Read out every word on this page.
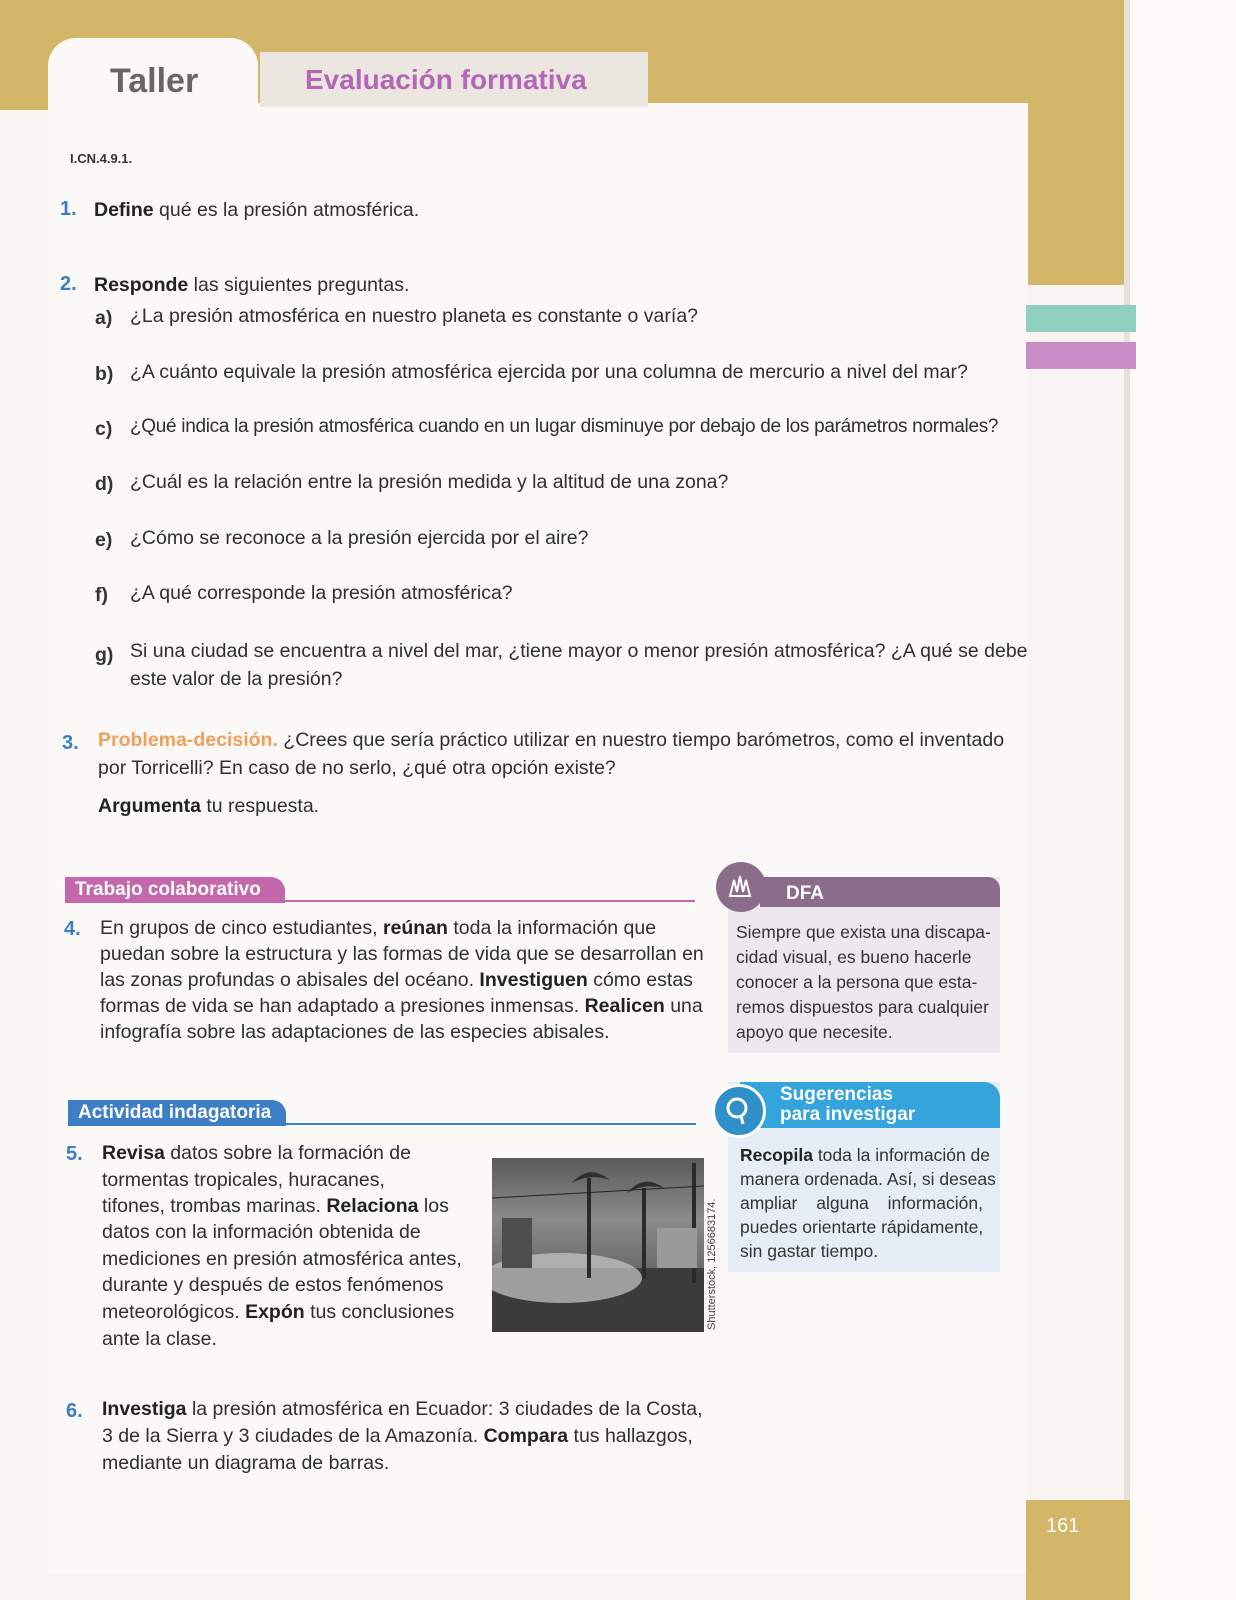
Taller	Evaluación formativa
I.CN.4.9.1.
1. Define qué es la presión atmosférica.
2. Responde las siguientes preguntas.
a) ¿La presión atmosférica en nuestro planeta es constante o varía?
b) ¿A cuánto equivale la presión atmosférica ejercida por una columna de mercurio a nivel del mar?
c) ¿Qué indica la presión atmosférica cuando en un lugar disminuye por debajo de los parámetros normales?
d) ¿Cuál es la relación entre la presión medida y la altitud de una zona?
e) ¿Cómo se reconoce a la presión ejercida por el aire?
f) ¿A qué corresponde la presión atmosférica?
g) Si una ciudad se encuentra a nivel del mar, ¿tiene mayor o menor presión atmosférica? ¿A qué se debe
este valor de la presión?
3. Problema-decisión. ¿Crees que sería práctico utilizar en nuestro tiempo barómetros, como el inventado
por Torricelli? En caso de no serlo, ¿qué otra opción existe?
Argumenta tu respuesta.
Trabajo colaborativo
4. En grupos de cinco estudiantes, reúnan toda la información que
puedan sobre la estructura y las formas de vida que se desarrollan en
las zonas profundas o abisales del océano. Investiguen cómo estas
formas de vida se han adaptado a presiones inmensas. Realicen una
infografía sobre las adaptaciones de las especies abisales.
DFA
Siempre que exista una discapa-
cidad visual, es bueno hacerle
conocer a la persona que esta-
remos dispuestos para cualquier
apoyo que necesite.
Actividad indagatoria
5. Revisa datos sobre la formación de
tormentas tropicales, huracanes,
tifones, trombas marinas. Relaciona los
datos con la información obtenida de
mediciones en presión atmosférica antes,
durante y después de estos fenómenos
meteorológicos. Expón tus conclusiones
ante la clase.
Shutterstock, 1256683174.
Sugerencias
para investigar
Recopila toda la información de
manera ordenada. Así, si deseas
ampliar alguna información,
puedes orientarte rápidamente,
sin gastar tiempo.
6. Investiga la presión atmosférica en Ecuador: 3 ciudades de la Costa,
3 de la Sierra y 3 ciudades de la Amazonía. Compara tus hallazgos,
mediante un diagrama de barras.
161
